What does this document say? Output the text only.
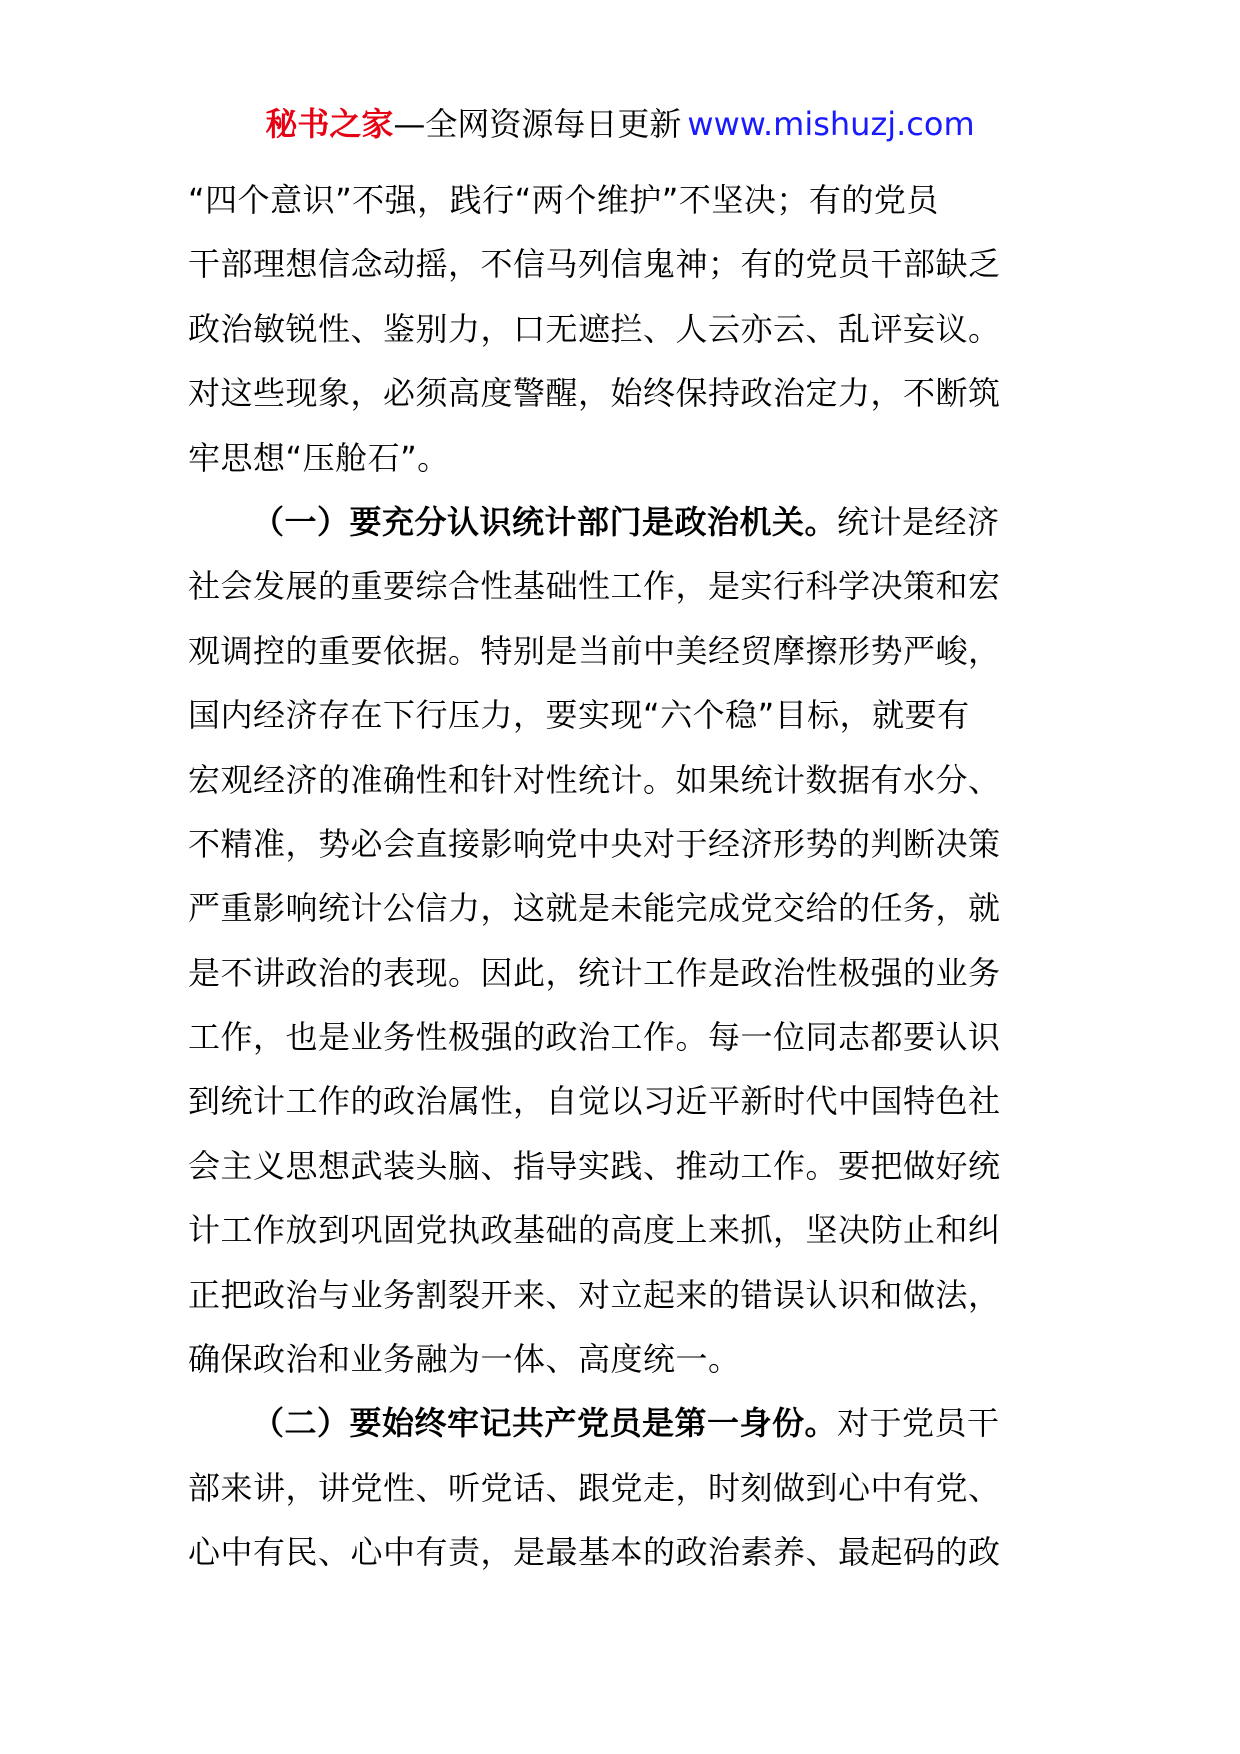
秘书之家—全网资源每日更新 www.mishuzj.com
“四个意识”不强，践行“两个维护”不坚决；有的党员
干部理想信念动摇，不信马列信鬼神；有的党员干部缺乏
政治敏锐性、鉴别力，口无遮拦、人云亦云、乱评妄议。
对这些现象，必须高度警醒，始终保持政治定力，不断筑
牢思想“压舱石”。
（一）要充分认识统计部门是政治机关。统计是经济
社会发展的重要综合性基础性工作，是实行科学决策和宏
观调控的重要依据。特别是当前中美经贸摩擦形势严峻，
国内经济存在下行压力，要实现“六个稳”目标，就要有
宏观经济的准确性和针对性统计。如果统计数据有水分、
不精准，势必会直接影响党中央对于经济形势的判断决策
严重影响统计公信力，这就是未能完成党交给的任务，就
是不讲政治的表现。因此，统计工作是政治性极强的业务
工作，也是业务性极强的政治工作。每一位同志都要认识
到统计工作的政治属性，自觉以习近平新时代中国特色社
会主义思想武装头脑、指导实践、推动工作。要把做好统
计工作放到巩固党执政基础的高度上来抓，坚决防止和纠
正把政治与业务割裂开来、对立起来的错误认识和做法，
确保政治和业务融为一体、高度统一。
（二）要始终牢记共产党员是第一身份。对于党员干
部来讲，讲党性、听党话、跟党走，时刻做到心中有党、
心中有民、心中有责，是最基本的政治素养、最起码的政
